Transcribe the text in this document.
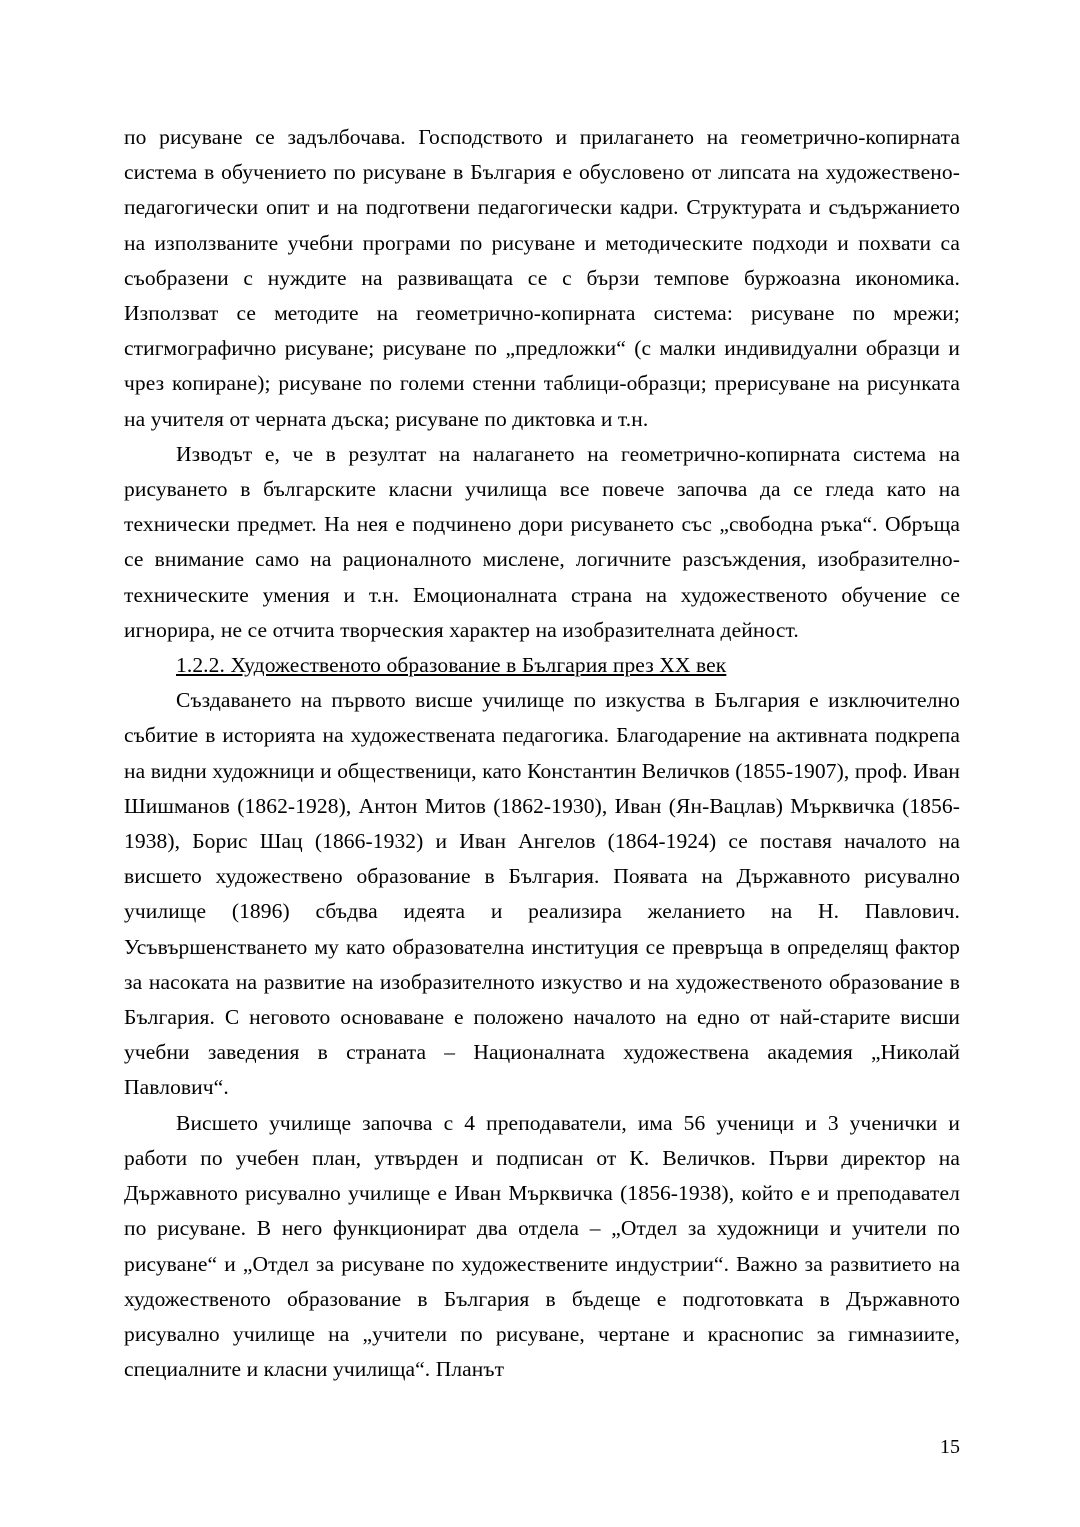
по рисуване се задълбочава. Господството и прилагането на геометрично-копирната система в обучението по рисуване в България е обусловено от липсата на художествено-педагогически опит и на подготвени педагогически кадри. Структурата и съдържанието на използваните учебни програми по рисуване и методическите подходи и похвати са съобразени с нуждите на развиващата се с бързи темпове буржоазна икономика. Използват се методите на геометрично-копирната система: рисуване по мрежи; стигмографично рисуване; рисуване по „предложки“ (с малки индивидуални образци и чрез копиране); рисуване по големи стенни таблици-образци; прерисуване на рисунката на учителя от черната дъска; рисуване по диктовка и т.н.

Изводът е, че в резултат на налагането на геометрично-копирната система на рисуването в българските класни училища все повече започва да се гледа като на технически предмет. На нея е подчинено дори рисуването със „свободна ръка“. Обръща се внимание само на рационалното мислене, логичните разсъждения, изобразително-техническите умения и т.н. Емоционалната страна на художественото обучение се игнорира, не се отчита творческия характер на изобразителната дейност.

1.2.2. Художественото образование в България през ХХ век

Създаването на първото висше училище по изкуства в България е изключително събитие в историята на художествената педагогика. Благодарение на активната подкрепа на видни художници и общественици, като Константин Величков (1855-1907), проф. Иван Шишманов (1862-1928), Антон Митов (1862-1930), Иван (Ян-Вацлав) Мърквичка (1856-1938), Борис Шац (1866-1932) и Иван Ангелов (1864-1924) се поставя началото на висшето художествено образование в България. Появата на Държавното рисувално училище (1896) сбъдва идеята и реализира желанието на Н. Павлович. Усъвършенстването му като образователна институция се превръща в определящ фактор за насоката на развитие на изобразителното изкуство и на художественото образование в България. С неговото основаване е положено началото на едно от най-старите висши учебни заведения в страната – Националната художествена академия „Николай Павлович“.

Висшето училище започва с 4 преподаватели, има 56 ученици и 3 ученички и работи по учебен план, утвърден и подписан от К. Величков. Първи директор на Държавното рисувално училище е Иван Мърквичка (1856-1938), който е и преподавател по рисуване. В него функционират два отдела – „Отдел за художници и учители по рисуване“ и „Отдел за рисуване по художествените индустрии“. Важно за развитието на художественото образование в България в бъдеще е подготовката в Държавното рисувално училище на „учители по рисуване, чертане и краснопис за гимназиите, специалните и класни училища“. Планът

15
